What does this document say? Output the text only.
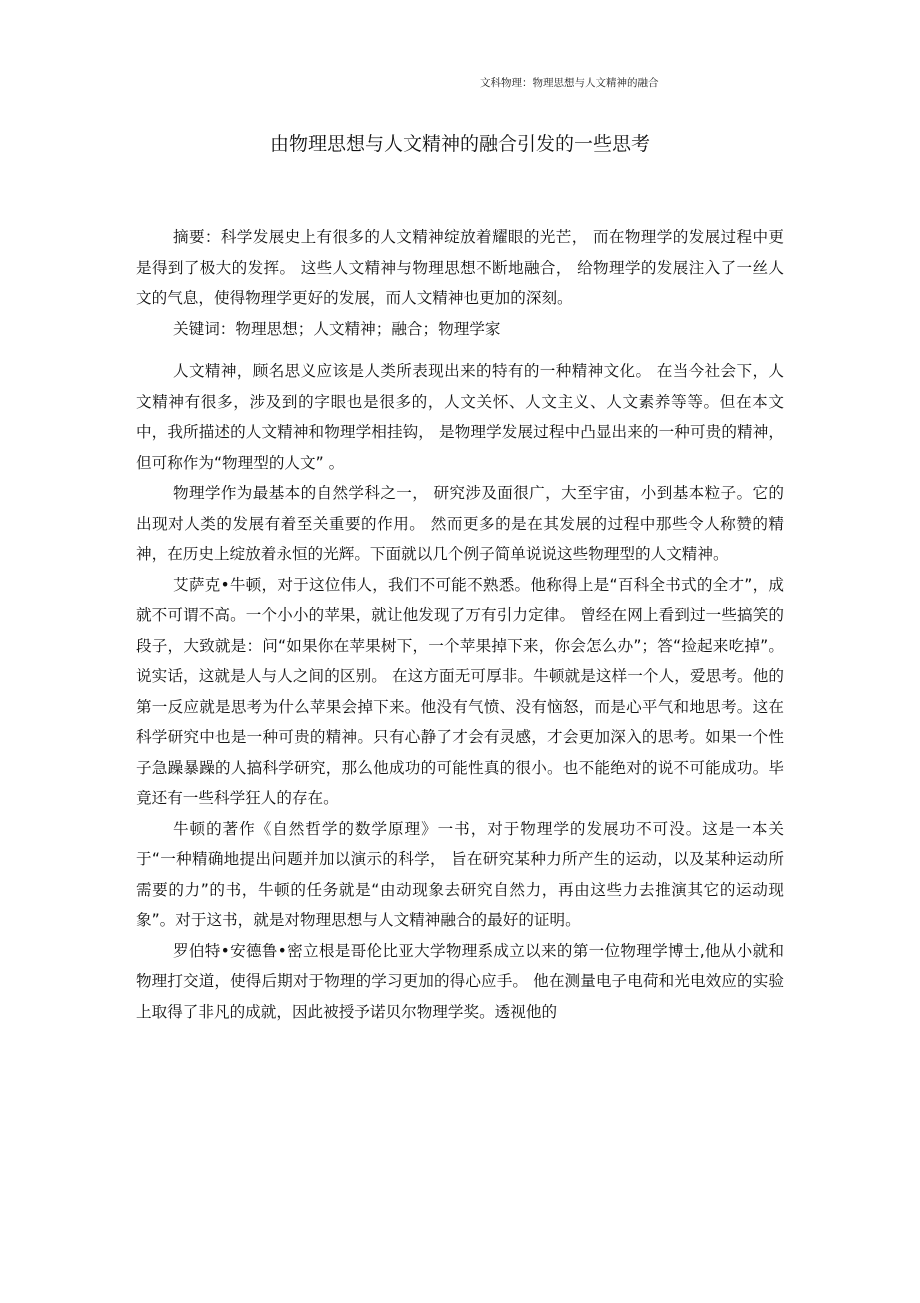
文科物理：物理思想与人文精神的融合
由物理思想与人文精神的融合引发的一些思考

摘要：科学发展史上有很多的人文精神绽放着耀眼的光芒， 而在物理学的发展过程中更是得到了极大的发挥。 这些人文精神与物理思想不断地融合， 给物理学的发展注入了一丝人文的气息，使得物理学更好的发展，而人文精神也更加的深刻。

关键词：物理思想；人文精神；融合；物理学家

人文精神，顾名思义应该是人类所表现出来的特有的一种精神文化。 在当今社会下，人文精神有很多，涉及到的字眼也是很多的，人文关怀、人文主义、人文素养等等。但在本文中，我所描述的人文精神和物理学相挂钩， 是物理学发展过程中凸显出来的一种可贵的精神，但可称作为“物理型的人文” 。

物理学作为最基本的自然学科之一， 研究涉及面很广，大至宇宙，小到基本粒子。它的出现对人类的发展有着至关重要的作用。 然而更多的是在其发展的过程中那些令人称赞的精神，在历史上绽放着永恒的光辉。下面就以几个例子简单说说这些物理型的人文精神。

艾萨克•牛顿，对于这位伟人，我们不可能不熟悉。他称得上是“百科全书式的全才”，成就不可谓不高。一个小小的苹果，就让他发现了万有引力定律。 曾经在网上看到过一些搞笑的段子，大致就是：问“如果你在苹果树下，一个苹果掉下来，你会怎么办”；答“捡起来吃掉”。说实话，这就是人与人之间的区别。 在这方面无可厚非。牛顿就是这样一个人，爱思考。他的第一反应就是思考为什么苹果会掉下来。他没有气愤、没有恼怒，而是心平气和地思考。这在科学研究中也是一种可贵的精神。只有心静了才会有灵感，才会更加深入的思考。如果一个性子急躁暴躁的人搞科学研究，那么他成功的可能性真的很小。也不能绝对的说不可能成功。毕竟还有一些科学狂人的存在。

牛顿的著作《自然哲学的数学原理》一书，对于物理学的发展功不可没。这是一本关于“一种精确地提出问题并加以演示的科学， 旨在研究某种力所产生的运动，以及某种运动所需要的力”的书，牛顿的任务就是“由动现象去研究自然力，再由这些力去推演其它的运动现象”。对于这书，就是对物理思想与人文精神融合的最好的证明。

罗伯特•安德鲁•密立根是哥伦比亚大学物理系成立以来的第一位物理学博士,他从小就和物理打交道，使得后期对于物理的学习更加的得心应手。 他在测量电子电荷和光电效应的实验上取得了非凡的成就，因此被授予诺贝尔物理学奖。透视他的
